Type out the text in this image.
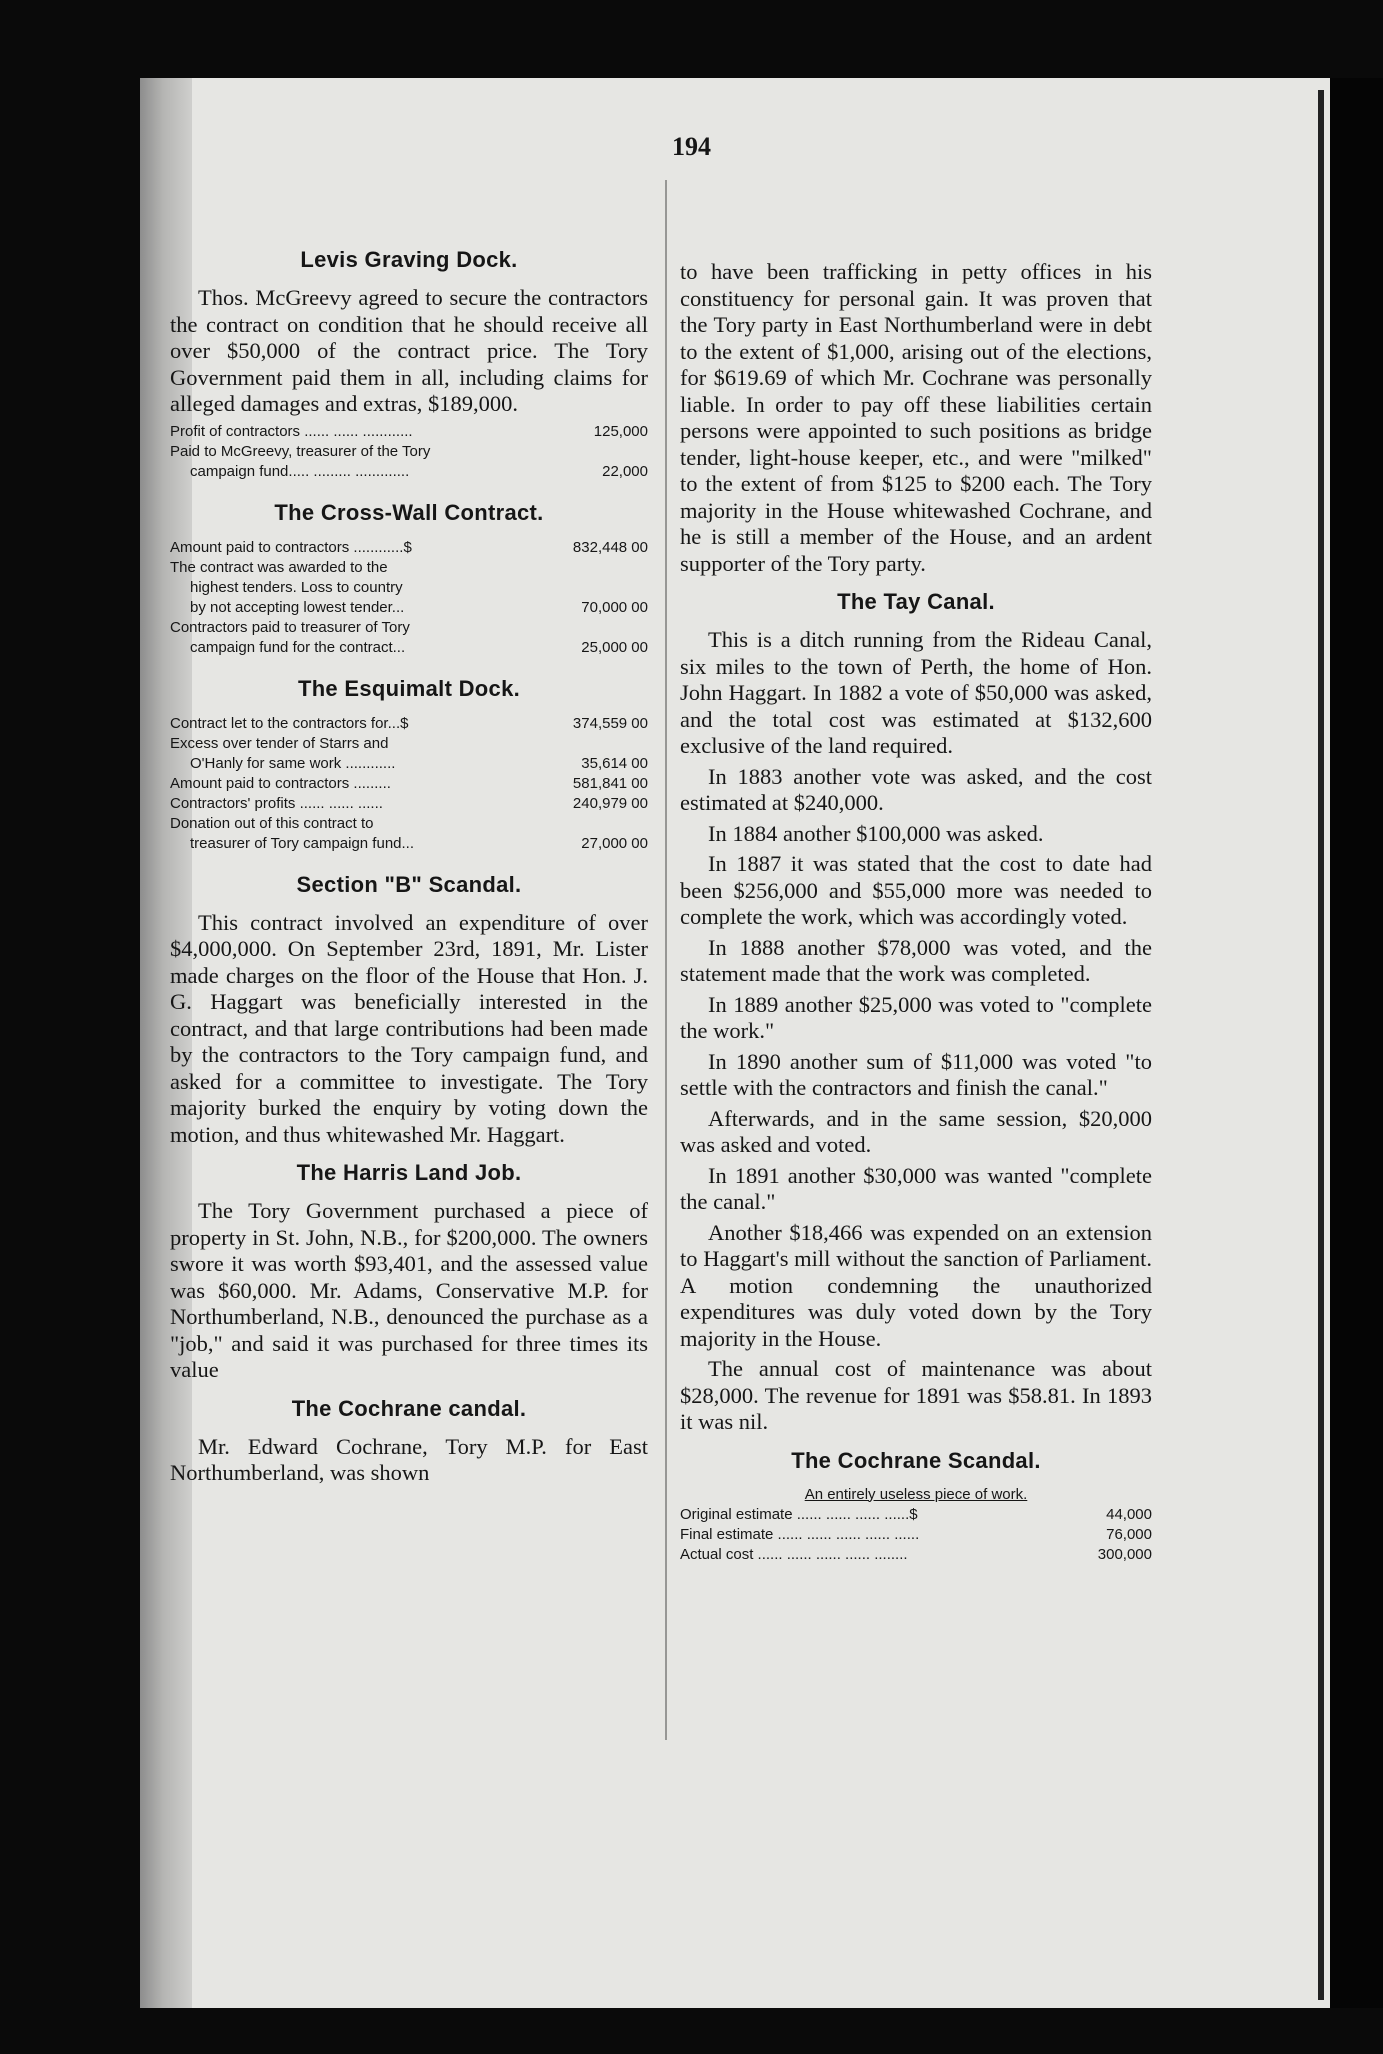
194
Levis Graving Dock.

Thos. McGreevy agreed to secure the contractors the contract on condition that he should receive all over $50,000 of the contract price. The Tory Government paid them in all, including claims for alleged damages and extras, $189,000.

Profit of contractors ...... ...... ............	125,000
Paid to McGreevy, treasurer of the Tory
campaign fund..... ......... .............	22,000
The Cross-Wall Contract.
Amount paid to contractors ............$	832,448 00
The contract was awarded to the
highest tenders. Loss to country
by not accepting lowest tender...	70,000 00
Contractors paid to treasurer of Tory
campaign fund for the contract...	25,000 00
The Esquimalt Dock.
Contract let to the contractors for...$	374,559 00
Excess over tender of Starrs and
O'Hanly for same work ............	35,614 00
Amount paid to contractors .........	581,841 00
Contractors' profits ...... ...... ......	240,979 00
Donation out of this contract to
treasurer of Tory campaign fund...	27,000 00
Section "B" Scandal.

This contract involved an expenditure of over $4,000,000. On September 23rd, 1891, Mr. Lister made charges on the floor of the House that Hon. J. G. Haggart was beneficially interested in the contract, and that large contributions had been made by the contractors to the Tory campaign fund, and asked for a committee to investigate. The Tory majority burked the enquiry by voting down the motion, and thus whitewashed Mr. Haggart.

The Harris Land Job.

The Tory Government purchased a piece of property in St. John, N.B., for $200,000. The owners swore it was worth $93,401, and the assessed value was $60,000. Mr. Adams, Conservative M.P. for Northumberland, N.B., denounced the purchase as a "job," and said it was purchased for three times its value

The Cochrane candal.

Mr. Edward Cochrane, Tory M.P. for East Northumberland, was shown

to have been trafficking in petty offices in his constituency for personal gain. It was proven that the Tory party in East Northumberland were in debt to the extent of $1,000, arising out of the elections, for $619.69 of which Mr. Cochrane was personally liable. In order to pay off these liabilities certain persons were appointed to such positions as bridge tender, light-house keeper, etc., and were "milked" to the extent of from $125 to $200 each. The Tory majority in the House whitewashed Cochrane, and he is still a member of the House, and an ardent supporter of the Tory party.

The Tay Canal.

This is a ditch running from the Rideau Canal, six miles to the town of Perth, the home of Hon. John Haggart. In 1882 a vote of $50,000 was asked, and the total cost was estimated at $132,600 exclusive of the land required.

In 1883 another vote was asked, and the cost estimated at $240,000.

In 1884 another $100,000 was asked.

In 1887 it was stated that the cost to date had been $256,000 and $55,000 more was needed to complete the work, which was accordingly voted.

In 1888 another $78,000 was voted, and the statement made that the work was completed.

In 1889 another $25,000 was voted to "complete the work."

In 1890 another sum of $11,000 was voted "to settle with the contractors and finish the canal."

Afterwards, and in the same session, $20,000 was asked and voted.

In 1891 another $30,000 was wanted "complete the canal."

Another $18,466 was expended on an extension to Haggart's mill without the sanction of Parliament. A motion condemning the unauthorized expenditures was duly voted down by the Tory majority in the House.

The annual cost of maintenance was about $28,000. The revenue for 1891 was $58.81. In 1893 it was nil.

The Cochrane Scandal.
An entirely useless piece of work.
Original estimate ...... ...... ...... ......$	44,000
Final estimate ...... ...... ...... ...... ......	76,000
Actual cost ...... ...... ...... ...... ........	300,000
